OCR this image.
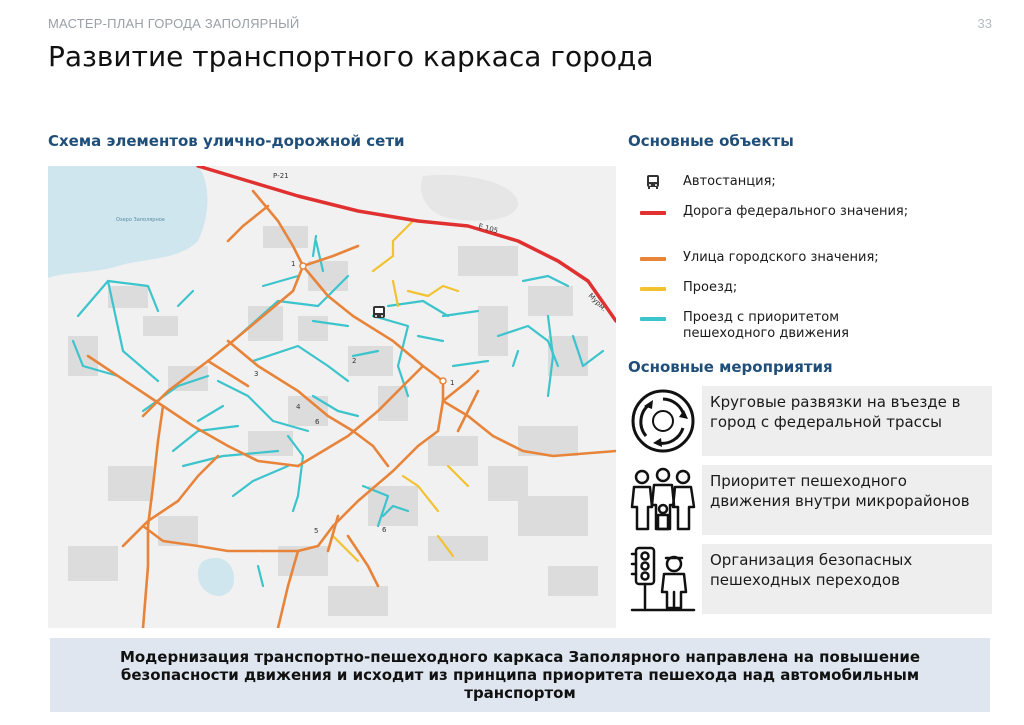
МАСТЕР-ПЛАН ГОРОДА ЗАПОЛЯРНЫЙ	33
Развитие транспортного каркаса города
Схема элементов улично-дорожной сети
Р-21
E 105
Мурм.
Озеро Заполярное
1
1
2
3
4
5
6
6
Основные объекты
Автостанция;
Дорога федерального значения;
Улица городского значения;
Проезд;
Проезд с приоритетом пешеходного движения
Основные мероприятия
Круговые развязки на въезде в город с федеральной трассы
Приоритет пешеходного движения внутри микрорайонов
Организация безопасных пешеходных переходов
Модернизация транспортно-пешеходного каркаса Заполярного направлена на повышение безопасности движения и исходит из принципа приоритета пешехода над автомобильным транспортом
